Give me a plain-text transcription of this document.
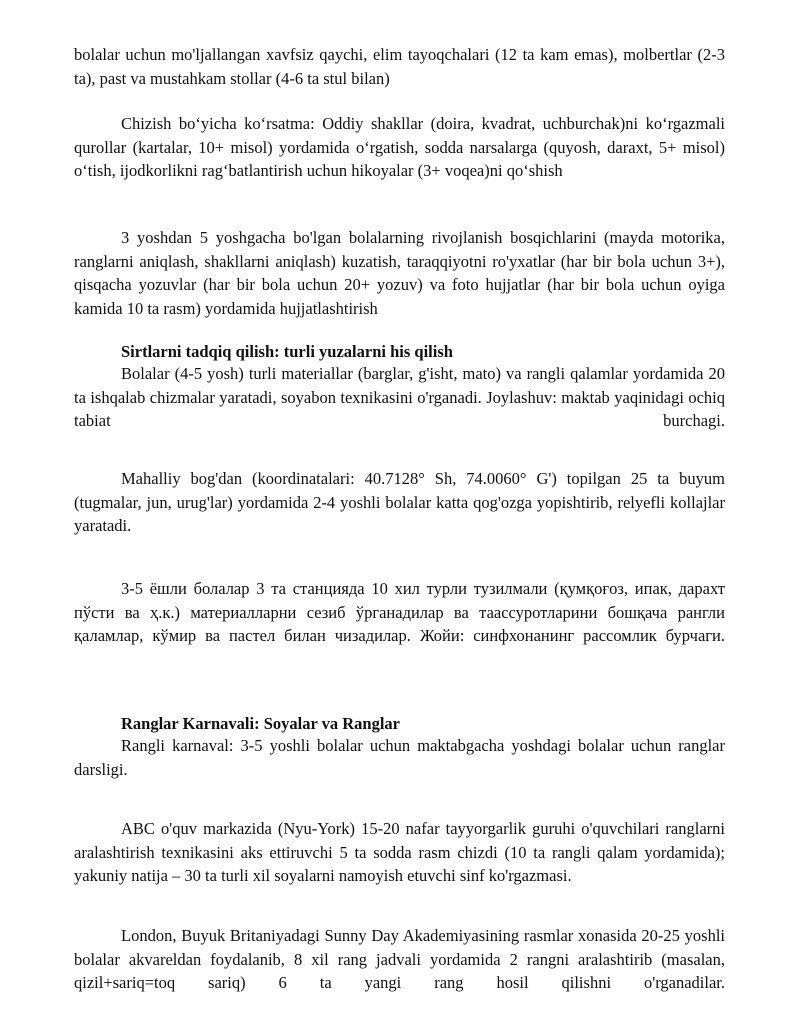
bolalar uchun mo'ljallangan xavfsiz qaychi, elim tayoqchalari (12 ta kam emas), molbertlar (2-3 ta), past va mustahkam stollar (4-6 ta stul bilan)

Chizish boʻyicha koʻrsatma: Oddiy shakllar (doira, kvadrat, uchburchak)ni koʻrgazmali qurollar (kartalar, 10+ misol) yordamida oʻrgatish, sodda narsalarga (quyosh, daraxt, 5+ misol) oʻtish, ijodkorlikni ragʻbatlantirish uchun hikoyalar (3+ voqea)ni qoʻshish

3 yoshdan 5 yoshgacha bo'lgan bolalarning rivojlanish bosqichlarini (mayda motorika, ranglarni aniqlash, shakllarni aniqlash) kuzatish, taraqqiyotni ro'yxatlar (har bir bola uchun 3+), qisqacha yozuvlar (har bir bola uchun 20+ yozuv) va foto hujjatlar (har bir bola uchun oyiga kamida 10 ta rasm) yordamida hujjatlashtirish

Sirtlarni tadqiq qilish: turli yuzalarni his qilish

Bolalar (4-5 yosh) turli materiallar (barglar, g'isht, mato) va rangli qalamlar yordamida 20 ta ishqalab chizmalar yaratadi, soyabon texnikasini o'rganadi. Joylashuv: maktab yaqinidagi ochiq tabiat burchagi.

Mahalliy bog'dan (koordinatalari: 40.7128° Sh, 74.0060° G') topilgan 25 ta buyum (tugmalar, jun, urug'lar) yordamida 2-4 yoshli bolalar katta qog'ozga yopishtirib, relyefli kollajlar yaratadi.

3-5 ёшли болалар 3 та станцияда 10 хил турли тузилмали (қумқоғоз, ипак, дарахт пўсти ва ҳ.к.) материалларни сезиб ўрганадилар ва таассуротларини бошқача рангли қаламлар, кўмир ва пастел билан чизадилар. Жойи: синфхонанинг рассомлик бурчаги.

Ranglar Karnavali: Soyalar va Ranglar

Rangli karnaval: 3-5 yoshli bolalar uchun maktabgacha yoshdagi bolalar uchun ranglar darsligi.

ABC o'quv markazida (Nyu-York) 15-20 nafar tayyorgarlik guruhi o'quvchilari ranglarni aralashtirish texnikasini aks ettiruvchi 5 ta sodda rasm chizdi (10 ta rangli qalam yordamida); yakuniy natija – 30 ta turli xil soyalarni namoyish etuvchi sinf ko'rgazmasi.

London, Buyuk Britaniyadagi Sunny Day Akademiyasining rasmlar xonasida 20-25 yoshli bolalar akvareldan foydalanib, 8 xil rang jadvali yordamida 2 rangni aralashtirib (masalan, qizil+sariq=toq sariq) 6 ta yangi rang hosil qilishni o'rganadilar.
